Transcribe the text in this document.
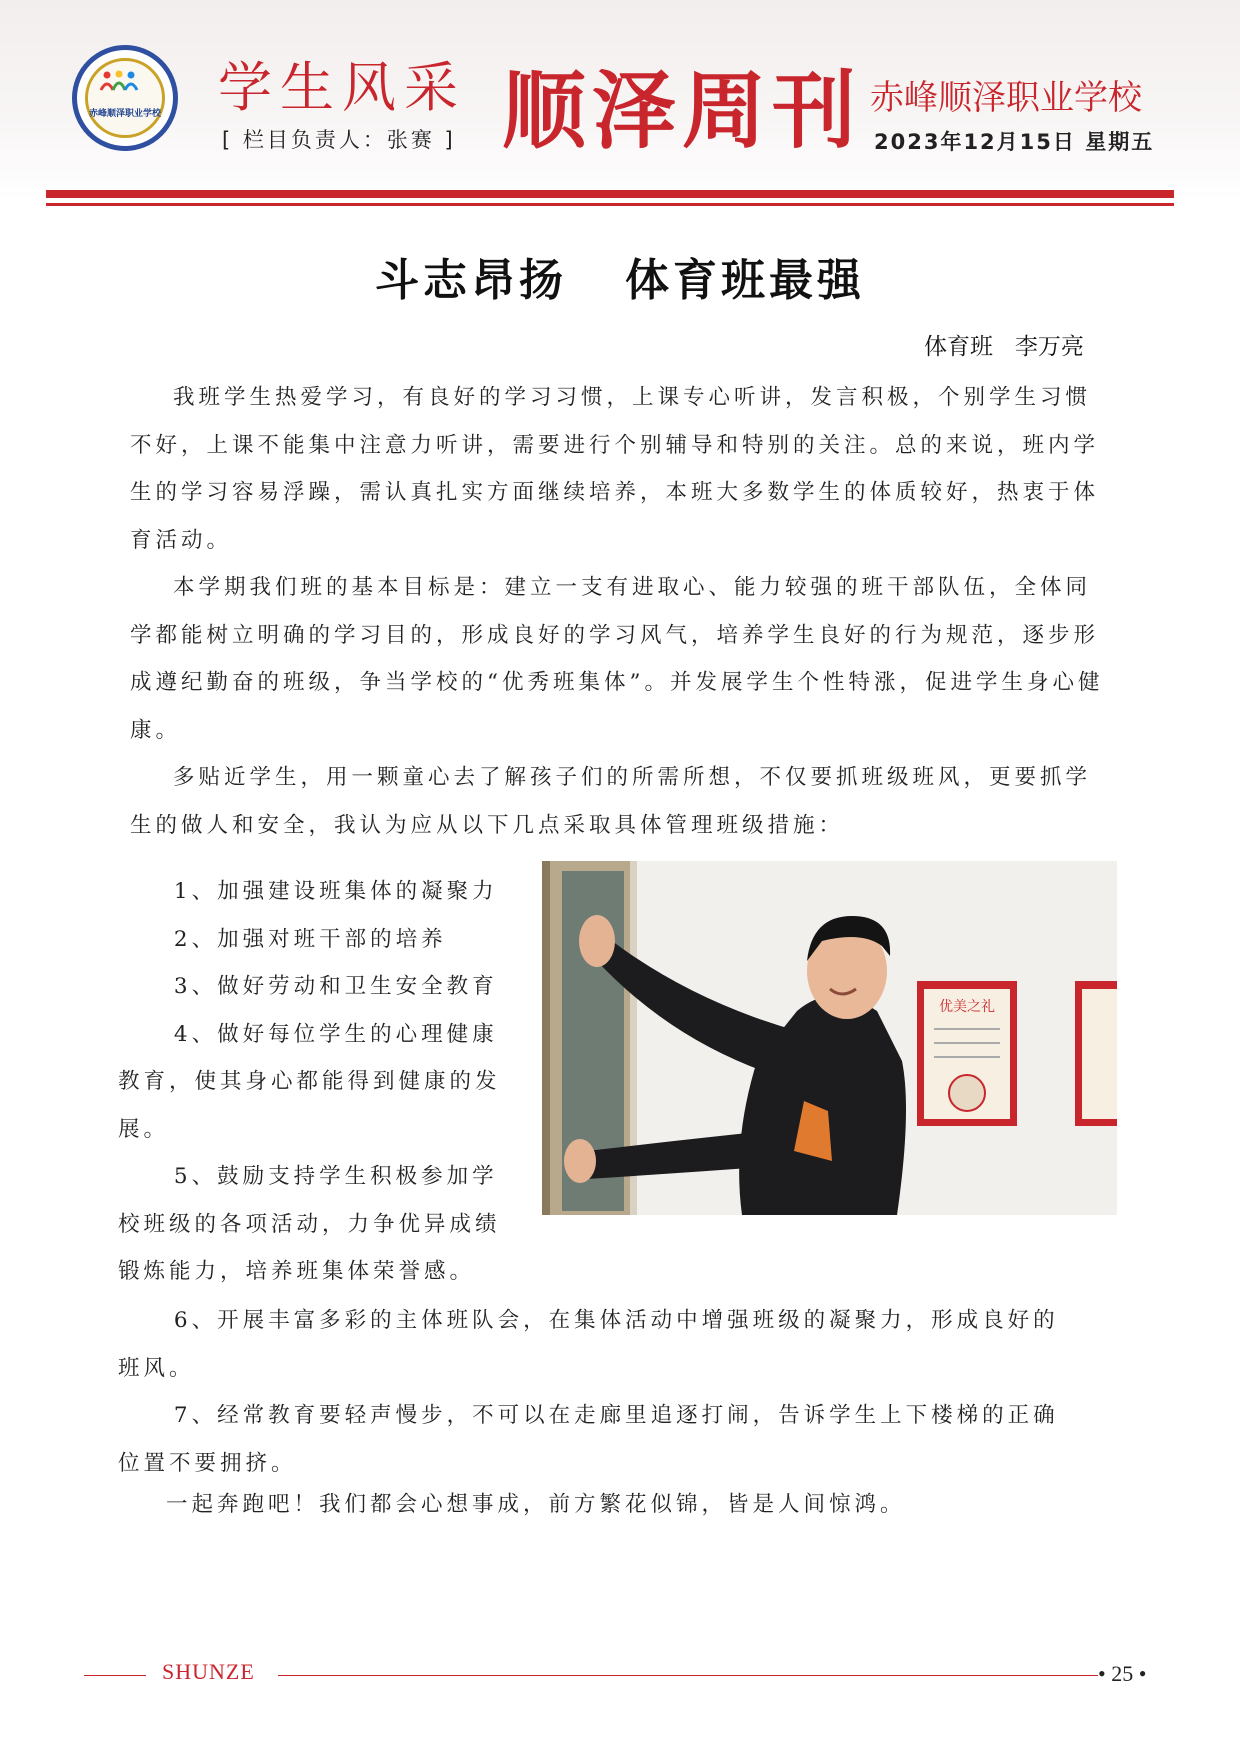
赤峰顺泽职业学校 学生风采
[ 栏目负责人：张赛 ] 顺泽周刊 赤峰顺泽职业学校
2023年12月15日 星期五
斗志昂扬   体育班最强
体育班   李万亮

我班学生热爱学习，有良好的学习习惯，上课专心听讲，发言积极，个别学生习惯不好，上课不能集中注意力听讲，需要进行个别辅导和特别的关注。总的来说，班内学生的学习容易浮躁，需认真扎实方面继续培养，本班大多数学生的体质较好，热衷于体育活动。

本学期我们班的基本目标是：建立一支有进取心、能力较强的班干部队伍，全体同学都能树立明确的学习目的，形成良好的学习风气，培养学生良好的行为规范，逐步形成遵纪勤奋的班级，争当学校的“优秀班集体”。并发展学生个性特涨，促进学生身心健康。

多贴近学生，用一颗童心去了解孩子们的所需所想，不仅要抓班级班风，更要抓学生的做人和安全，我认为应从以下几点采取具体管理班级措施：

1、加强建设班集体的凝聚力

2、加强对班干部的培养

3、做好劳动和卫生安全教育

4、做好每位学生的心理健康教育，使其身心都能得到健康的发展。

5、鼓励支持学生积极参加学校班级的各项活动，力争优异成绩锻炼能力，培养班集体荣誉感。

6、开展丰富多彩的主体班队会，在集体活动中增强班级的凝聚力，形成良好的班风。

7、经常教育要轻声慢步，不可以在走廊里追逐打闹，告诉学生上下楼梯的正确位置不要拥挤。

一起奔跑吧！我们都会心想事成，前方繁花似锦，皆是人间惊鸿。
优美之礼
SHUNZE	• 25 •
